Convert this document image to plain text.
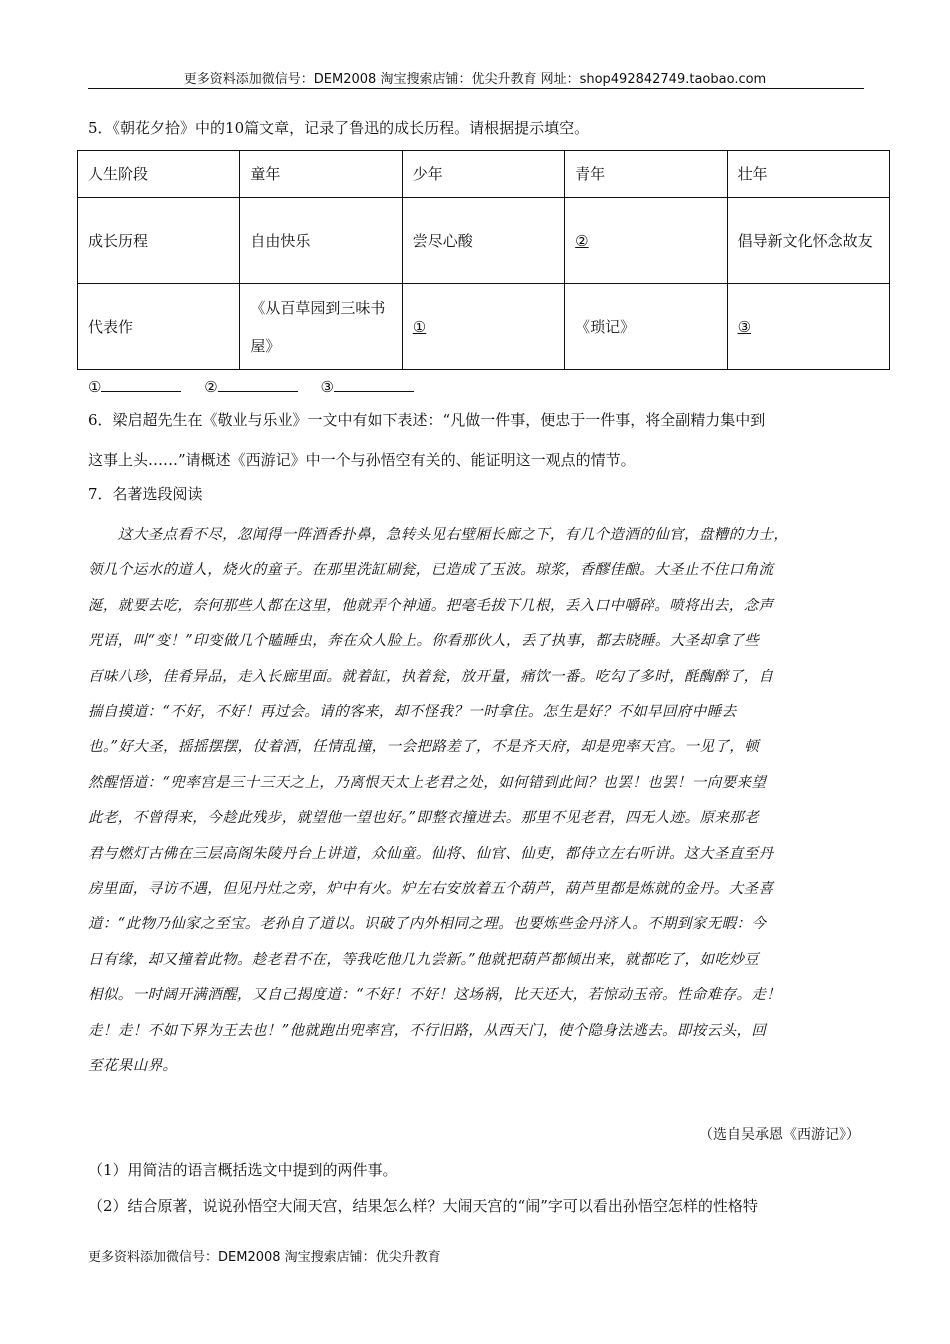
更多资料添加微信号：DEM2008 淘宝搜索店铺：优尖升教育 网址：shop492842749.taobao.com
5．《朝花夕拾》中的10篇文章，记录了鲁迅的成长历程。请根据提示填空。
人生阶段	童年	少年	青年	壮年
成长历程	自由快乐	尝尽心酸	②	倡导新文化怀念故友
代表作	《从百草园到三味书屋》	①	《琐记》	③
①	②	③
6．梁启超先生在《敬业与乐业》一文中有如下表述：“凡做一件事，便忠于一件事，将全副精力集中到
这事上头……”请概述《西游记》中一个与孙悟空有关的、能证明这一观点的情节。
7．名著选段阅读
　　这大圣点看不尽，忽闻得一阵酒香扑鼻，急转头见右壁厢长廊之下，有几个造酒的仙官，盘糟的力士，
领几个运水的道人，烧火的童子。在那里洗缸刷瓮，已造成了玉波。琼浆，香醪佳酿。大圣止不住口角流
涎，就要去吃，奈何那些人都在这里，他就弄个神通。把毫毛拔下几根，丢入口中嚼碎。喷将出去，念声
咒语，叫“变！”印变做几个瞌睡虫，奔在众人脸上。你看那伙人，丢了执事，都去晓睡。大圣却拿了些
百味八珍，佳肴异品，走入长廊里面。就着缸，执着瓮，放开量，痛饮一番。吃勾了多时，酕醄醉了，自
揣自摸道：“不好，不好！再过会。请的客来，却不怪我？一时拿住。怎生是好？不如早回府中睡去
也。”好大圣，摇摇摆摆，仗着酒，任情乱撞，一会把路差了，不是齐天府，却是兜率天宫。一见了，顿
然醒悟道：“兜率宫是三十三天之上，乃离恨天太上老君之处，如何错到此间？也罢！也罢！一向要来望
此老，不曾得来，今趁此残步，就望他一望也好。”即整衣撞进去。那里不见老君，四无人迹。原来那老
君与燃灯古佛在三层高阁朱陵丹台上讲道，众仙童。仙将、仙官、仙吏，都侍立左右听讲。这大圣直至丹
房里面，寻访不遇，但见丹灶之旁，炉中有火。炉左右安放着五个葫芦，葫芦里都是炼就的金丹。大圣喜
道：“此物乃仙家之至宝。老孙自了道以。识破了内外相同之理。也要炼些金丹济人。不期到家无暇：今
日有缘，却又撞着此物。趁老君不在，等我吃他几九尝新。”他就把葫芦都倾出来，就都吃了，如吃炒豆
相似。一时阔开满酒醒，又自己揭度道：“不好！不好！这场祸，比天还大，若惊动玉帝。性命难存。走！
走！走！不如下界为王去也！”他就跑出兜率宫，不行旧路，从西天门，使个隐身法逃去。即按云头，回
至花果山界。
（选自吴承恩《西游记》）
（1）用简洁的语言概括选文中提到的两件事。
（2）结合原著，说说孙悟空大闹天宫，结果怎么样？大闹天宫的“闹”字可以看出孙悟空怎样的性格特
更多资料添加微信号：DEM2008 淘宝搜索店铺：优尖升教育
